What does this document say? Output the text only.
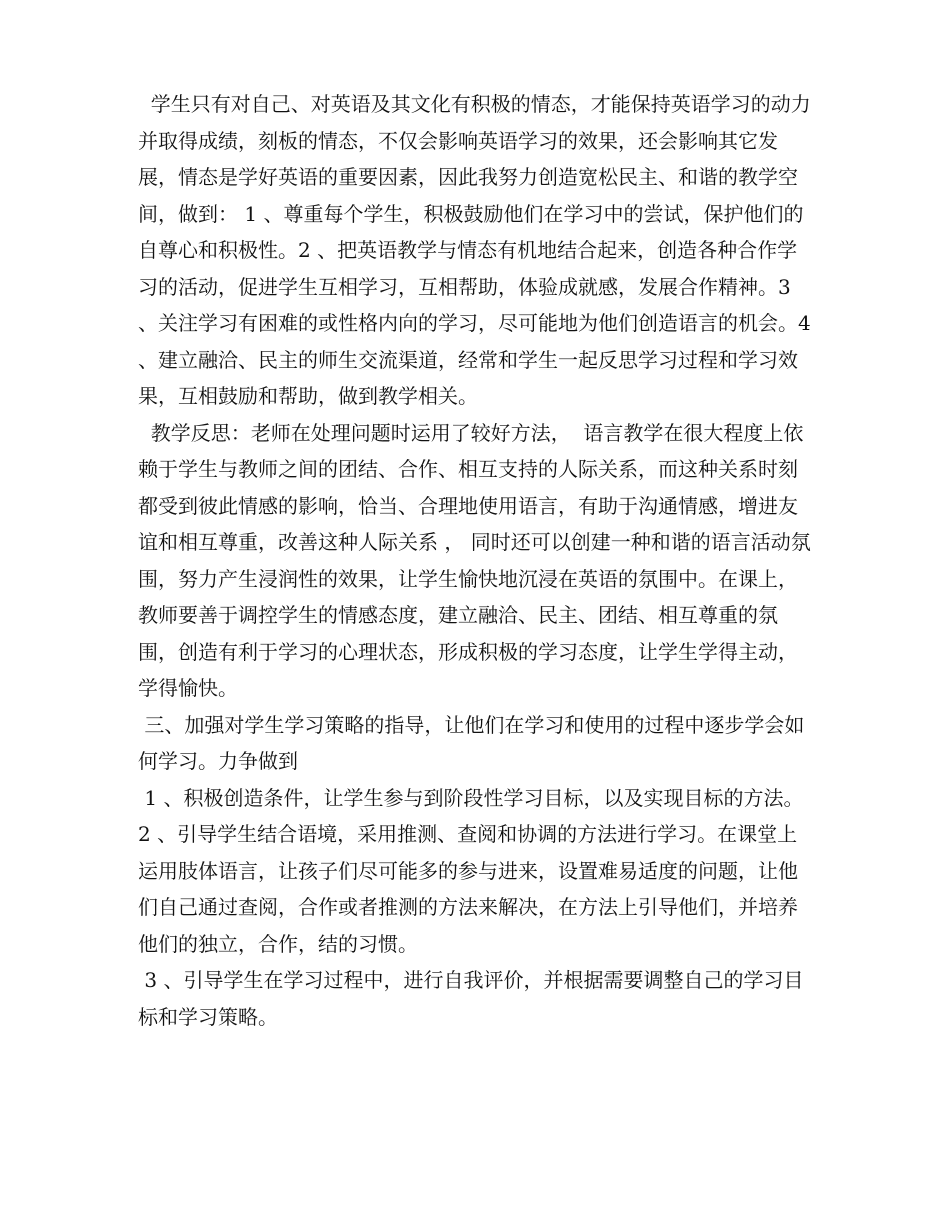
学生只有对自己、对英语及其文化有积极的情态，才能保持英语学习的动力并取得成绩，刻板的情态，不仅会影响英语学习的效果，还会影响其它发展，情态是学好英语的重要因素，因此我努力创造宽松民主、和谐的教学空间，做到： 1 、尊重每个学生，积极鼓励他们在学习中的尝试，保护他们的自尊心和积极性。2 、把英语教学与情态有机地结合起来，创造各种合作学习的活动，促进学生互相学习，互相帮助，体验成就感，发展合作精神。3 、关注学习有困难的或性格内向的学习，尽可能地为他们创造语言的机会。4 、建立融洽、民主的师生交流渠道，经常和学生一起反思学习过程和学习效果，互相鼓励和帮助，做到教学相关。

教学反思：老师在处理问题时运用了较好方法，  语言教学在很大程度上依赖于学生与教师之间的团结、合作、相互支持的人际关系，而这种关系时刻都受到彼此情感的影响，恰当、合理地使用语言，有助于沟通情感，增进友谊和相互尊重，改善这种人际关系 ， 同时还可以创建一种和谐的语言活动氛围，努力产生浸润性的效果，让学生愉快地沉浸在英语的氛围中。在课上，教师要善于调控学生的情感态度，建立融洽、民主、团结、相互尊重的氛围，创造有利于学习的心理状态，形成积极的学习态度，让学生学得主动，学得愉快。

三、加强对学生学习策略的指导，让他们在学习和使用的过程中逐步学会如何学习。力争做到

1 、积极创造条件，让学生参与到阶段性学习目标，以及实现目标的方法。   2 、引导学生结合语境，采用推测、查阅和协调的方法进行学习。在课堂上运用肢体语言，让孩子们尽可能多的参与进来，设置难易适度的问题，让他们自己通过查阅，合作或者推测的方法来解决，在方法上引导他们，并培养他们的独立，合作，结的习惯。

3 、引导学生在学习过程中，进行自我评价，并根据需要调整自己的学习目标和学习策略。
